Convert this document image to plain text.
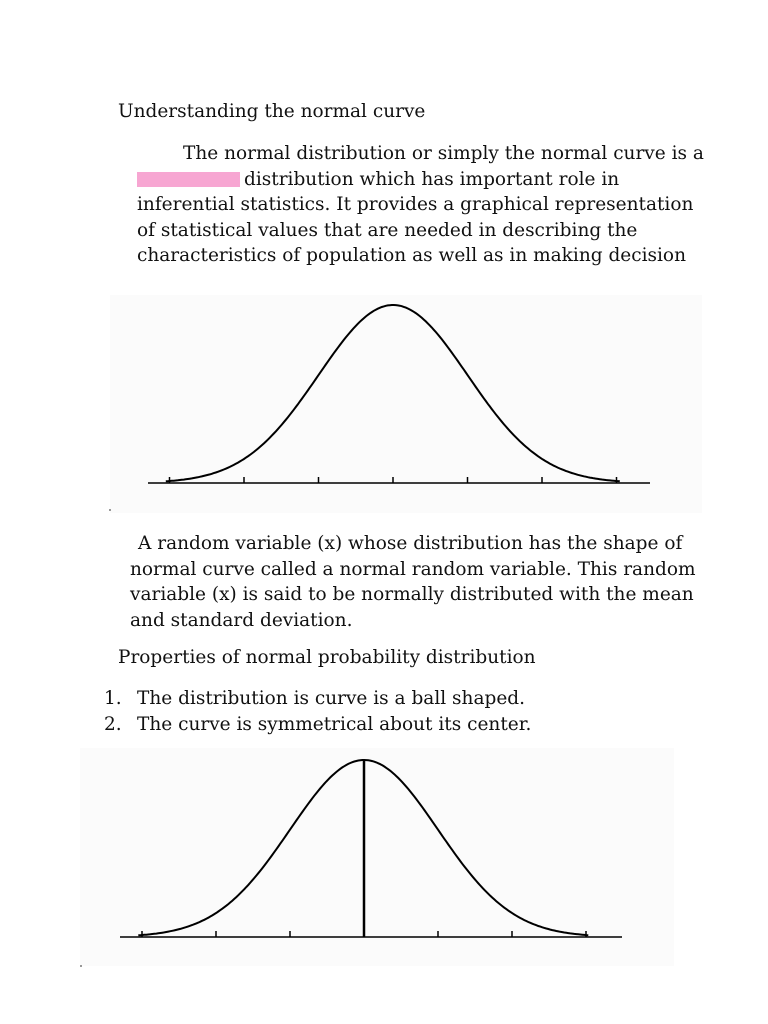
Understanding the normal curve
The normal distribution or simply the normal curve is a
distribution which has important role in inferential statistics. It provides a graphical representation of statistical values that are needed in describing the characteristics of population as well as in making decision
A random variable (x) whose distribution has the shape of normal curve called a normal random variable. This random variable (x) is said to be normally distributed with the mean and standard deviation.
Properties of normal probability distribution
1. The distribution is curve is a ball shaped.
2. The curve is symmetrical about its center.
